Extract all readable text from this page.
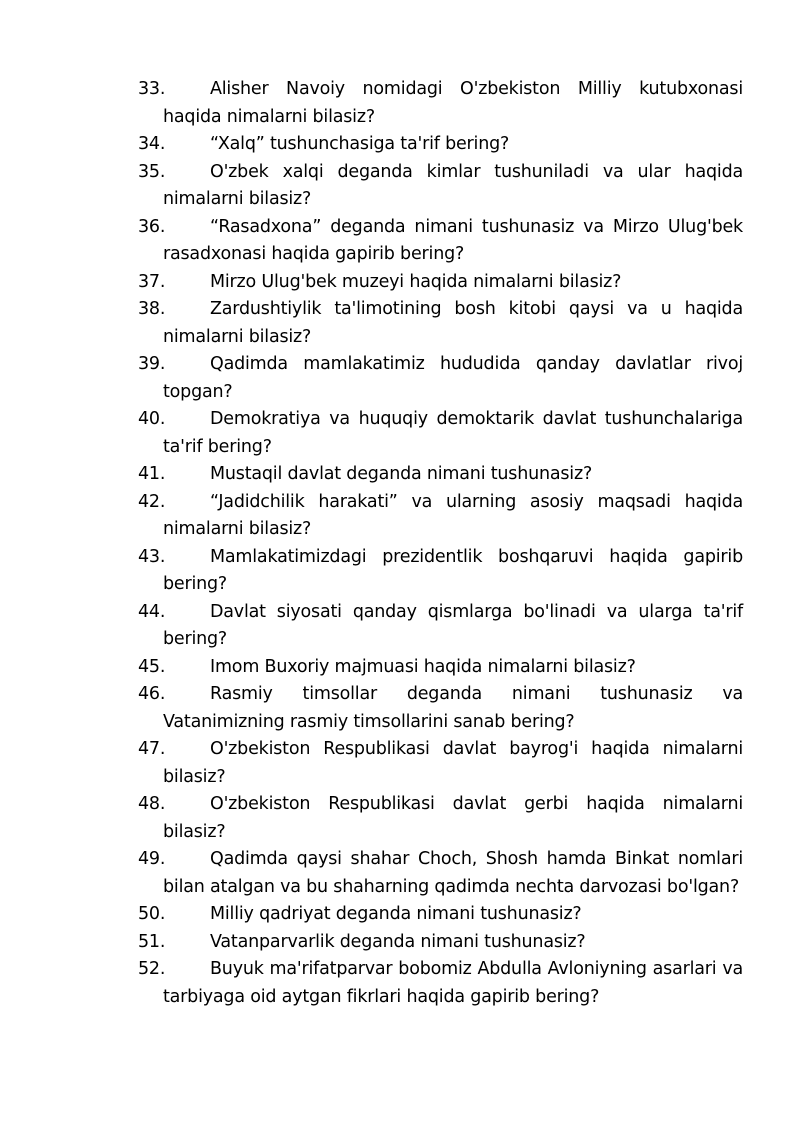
33.	Alisher Navoiy nomidagi O'zbekiston Milliy kutubxonasi haqida nimalarni bilasiz?
34.	“Xalq” tushunchasiga ta'rif bering?
35.	O'zbek xalqi deganda kimlar tushuniladi va ular haqida nimalarni bilasiz?
36.	“Rasadxona” deganda nimani tushunasiz va Mirzo Ulug'bek rasadxonasi haqida gapirib bering?
37.	Mirzo Ulug'bek muzeyi haqida nimalarni bilasiz?
38.	Zardushtiylik ta'limotining bosh kitobi qaysi va u haqida nimalarni bilasiz?
39.	Qadimda mamlakatimiz hududida qanday davlatlar rivoj topgan?
40.	Demokratiya va huquqiy demoktarik davlat tushunchalariga ta'rif bering?
41.	Mustaqil davlat deganda nimani tushunasiz?
42.	“Jadidchilik harakati” va ularning asosiy maqsadi haqida nimalarni bilasiz?
43.	Mamlakatimizdagi prezidentlik boshqaruvi haqida gapirib bering?
44.	Davlat siyosati qanday qismlarga bo'linadi va ularga ta'rif bering?
45.	Imom Buxoriy majmuasi haqida nimalarni bilasiz?
46.	Rasmiy timsollar deganda nimani tushunasiz va Vatanimizning rasmiy timsollarini sanab bering?
47.	O'zbekiston Respublikasi davlat bayrog'i haqida nimalarni bilasiz?
48.	O'zbekiston Respublikasi davlat gerbi haqida nimalarni bilasiz?
49.	Qadimda qaysi shahar Choch, Shosh hamda Binkat nomlari bilan atalgan va bu shaharning qadimda nechta darvozasi bo'lgan?
50.	Milliy qadriyat deganda nimani tushunasiz?
51.	Vatanparvarlik deganda nimani tushunasiz?
52.	Buyuk ma'rifatparvar bobomiz Abdulla Avloniyning asarlari va tarbiyaga oid aytgan fikrlari haqida gapirib bering?
